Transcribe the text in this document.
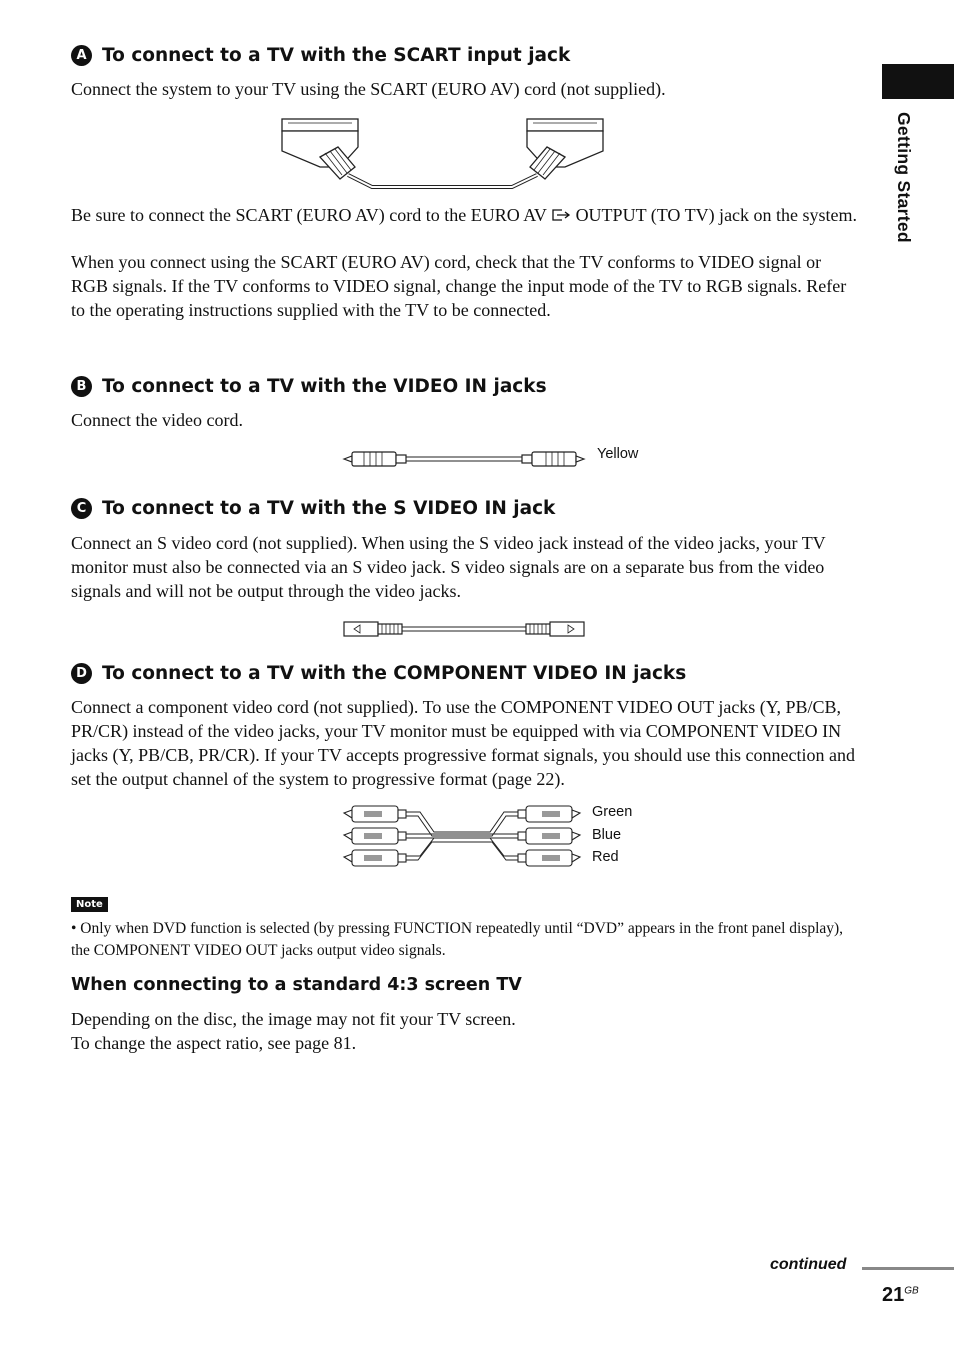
Getting Started
A To connect to a TV with the SCART input jack

Connect the system to your TV using the SCART (EURO AV) cord (not supplied).

Be sure to connect the SCART (EURO AV) cord to the EURO AV  OUTPUT (TO TV) jack on the system.

When you connect using the SCART (EURO AV) cord, check that the TV conforms to VIDEO signal or RGB signals. If the TV conforms to VIDEO signal, change the input mode of the TV to RGB signals. Refer to the operating instructions supplied with the TV to be connected.

B To connect to a TV with the VIDEO IN jacks

Connect the video cord.

Yellow
C To connect to a TV with the S VIDEO IN jack

Connect an S video cord (not supplied). When using the S video jack instead of the video jacks, your TV monitor must also be connected via an S video jack. S video signals are on a separate bus from the video signals and will not be output through the video jacks.

D To connect to a TV with the COMPONENT VIDEO IN jacks

Connect a component video cord (not supplied). To use the COMPONENT VIDEO OUT jacks (Y, PB/CB, PR/CR) instead of the video jacks, your TV monitor must be equipped with via COMPONENT VIDEO IN jacks (Y, PB/CB, PR/CR). If your TV accepts progressive format signals, you should use this connection and set the output channel of the system to progressive format (page 22).

Green
Blue
Red
Note

• Only when DVD function is selected (by pressing FUNCTION repeatedly until “DVD” appears in the front panel display), the COMPONENT VIDEO OUT jacks output video signals.

When connecting to a standard 4:3 screen TV

Depending on the disc, the image may not fit your TV screen.

To change the aspect ratio, see page 81.

continued
$21^{GB}$
